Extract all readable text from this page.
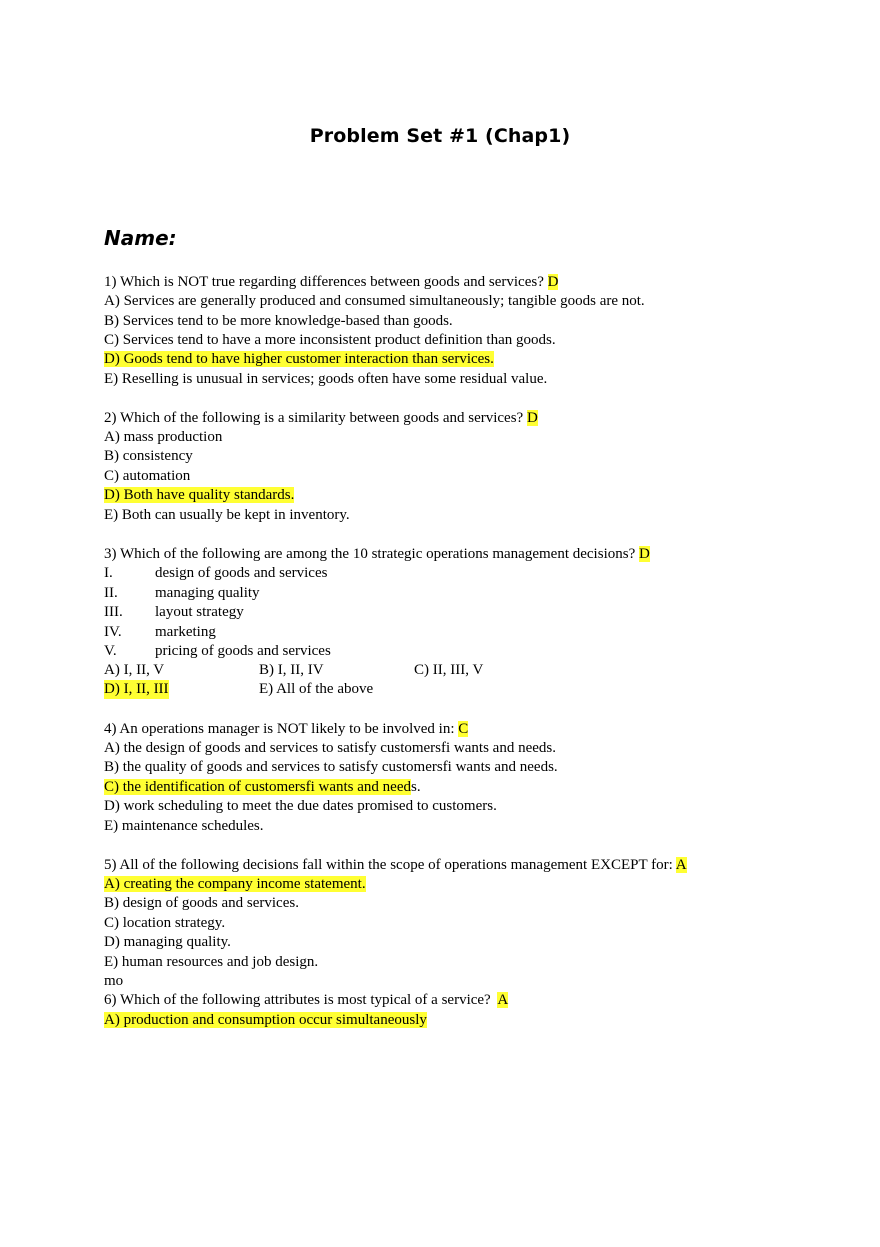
Problem Set #1 (Chap1)
Name:
1) Which is NOT true regarding differences between goods and services? D
A) Services are generally produced and consumed simultaneously; tangible goods are not.
B) Services tend to be more knowledge-based than goods.
C) Services tend to have a more inconsistent product definition than goods.
D) Goods tend to have higher customer interaction than services.
E) Reselling is unusual in services; goods often have some residual value.
2) Which of the following is a similarity between goods and services? D
A) mass production
B) consistency
C) automation
D) Both have quality standards.
E) Both can usually be kept in inventory.
3) Which of the following are among the 10 strategic operations management decisions? D
I.	design of goods and services
II. managing quality
III. layout strategy
IV. marketing
V.	pricing of goods and services
A) I, II, V	B) I, II, IV	C) II, III, V
D) I, II, III	E) All of the above
4) An operations manager is NOT likely to be involved in: C
A) the design of goods and services to satisfy customersfi wants and needs.
B) the quality of goods and services to satisfy customersfi wants and needs.
C) the identification of customersfi wants and needs.
D) work scheduling to meet the due dates promised to customers.
E) maintenance schedules.
5) All of the following decisions fall within the scope of operations management EXCEPT for: A
A) creating the company income statement.
B) design of goods and services.
C) location strategy.
D) managing quality.
E) human resources and job design.
mo
6) Which of the following attributes is most typical of a service? A
A) production and consumption occur simultaneously
